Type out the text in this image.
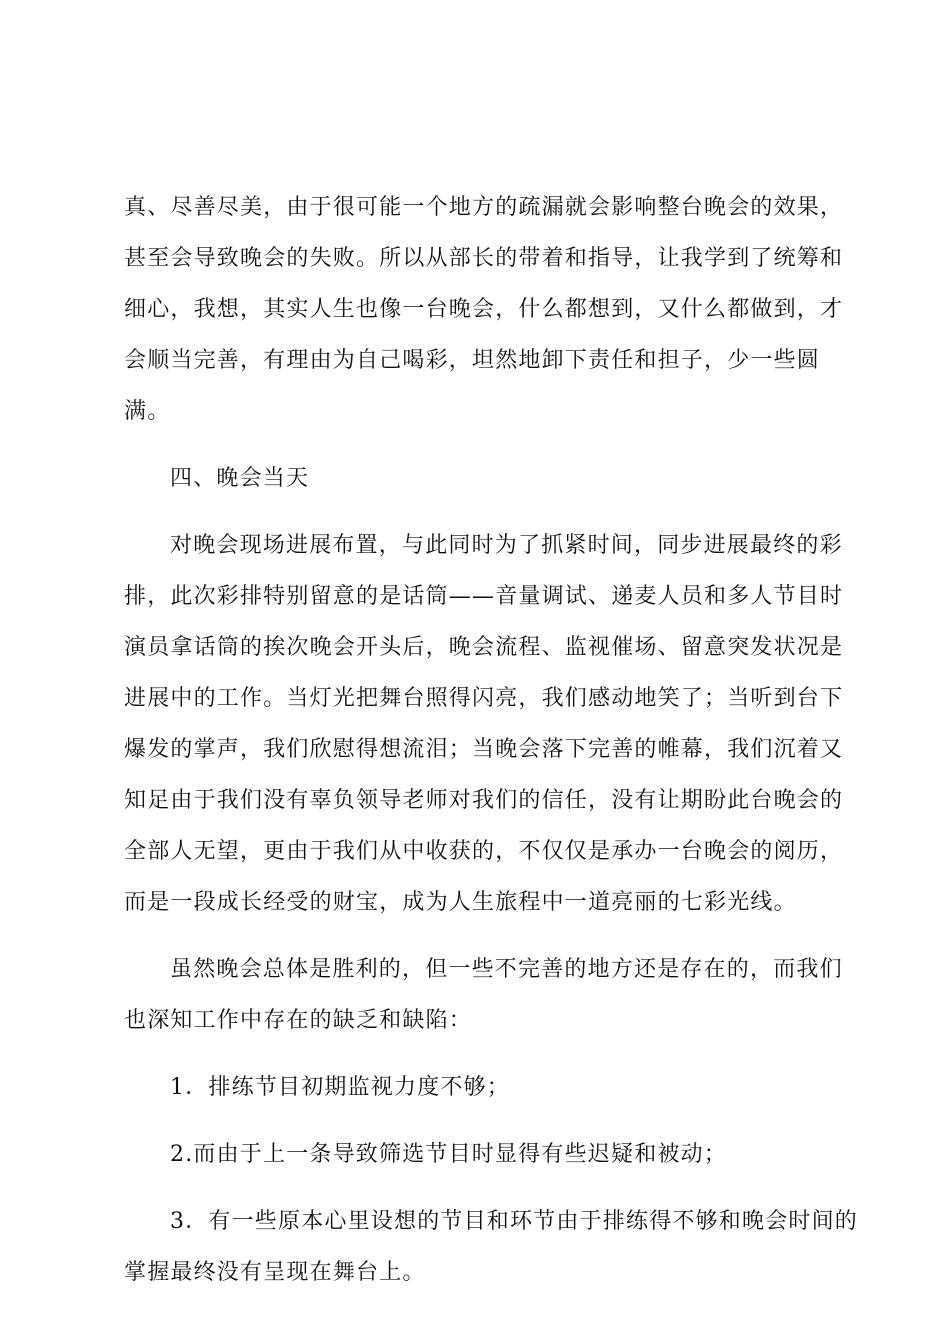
真、尽善尽美，由于很可能一个地方的疏漏就会影响整台晚会的效果，
甚至会导致晚会的失败。所以从部长的带着和指导，让我学到了统筹和
细心，我想，其实人生也像一台晚会，什么都想到，又什么都做到，才
会顺当完善，有理由为自己喝彩，坦然地卸下责任和担子，少一些圆
满。
四、晚会当天
对晚会现场进展布置，与此同时为了抓紧时间，同步进展最终的彩
排，此次彩排特别留意的是话筒——音量调试、递麦人员和多人节目时
演员拿话筒的挨次晚会开头后，晚会流程、监视催场、留意突发状况是
进展中的工作。当灯光把舞台照得闪亮，我们感动地笑了；当听到台下
爆发的掌声，我们欣慰得想流泪；当晚会落下完善的帷幕，我们沉着又
知足由于我们没有辜负领导老师对我们的信任，没有让期盼此台晚会的
全部人无望，更由于我们从中收获的，不仅仅是承办一台晚会的阅历，
而是一段成长经受的财宝，成为人生旅程中一道亮丽的七彩光线。
虽然晚会总体是胜利的，但一些不完善的地方还是存在的，而我们
也深知工作中存在的缺乏和缺陷：
1．排练节目初期监视力度不够；
2.而由于上一条导致筛选节目时显得有些迟疑和被动；
3．有一些原本心里设想的节目和环节由于排练得不够和晚会时间的
掌握最终没有呈现在舞台上。
